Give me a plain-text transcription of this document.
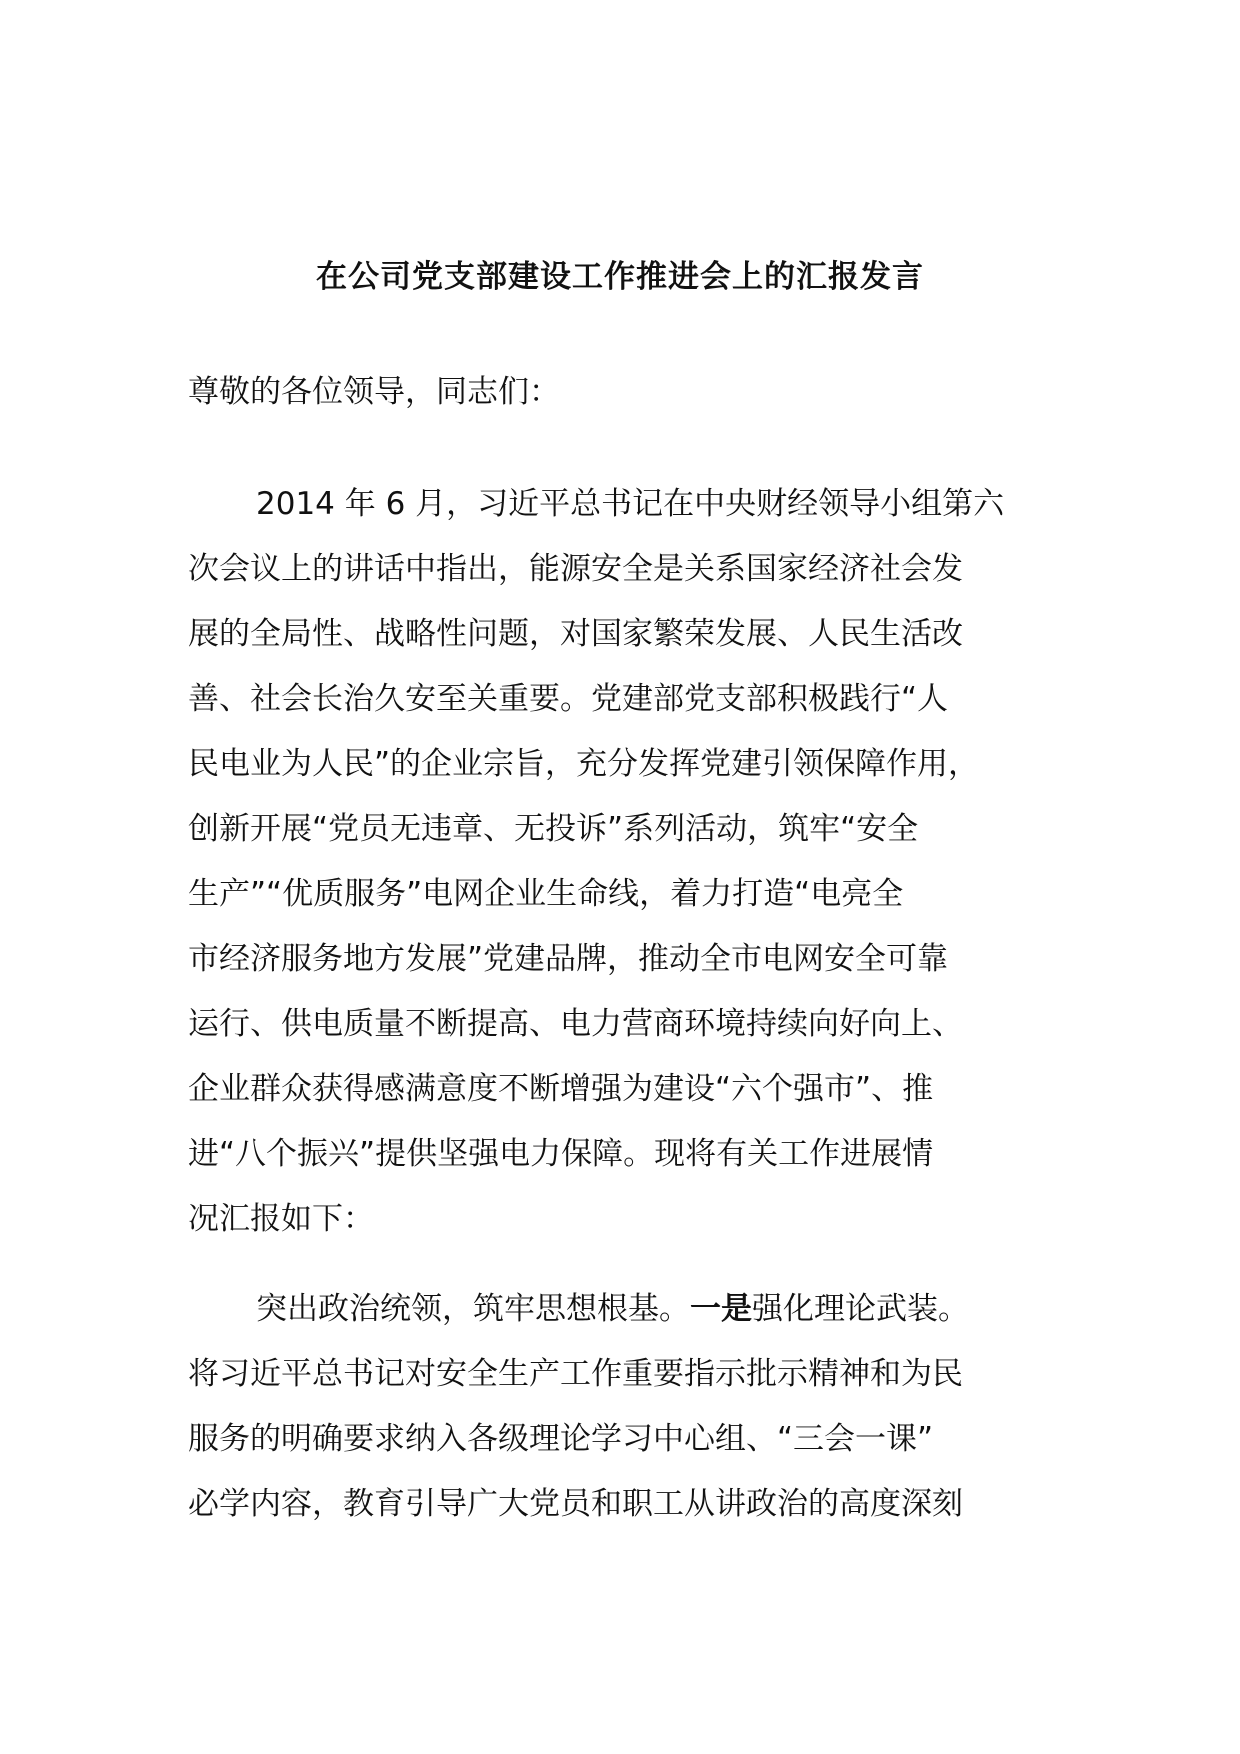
在公司党支部建设工作推进会上的汇报发言

尊敬的各位领导，同志们：

2014 年 6 月，习近平总书记在中央财经领导小组第六
次会议上的讲话中指出，能源安全是关系国家经济社会发
展的全局性、战略性问题，对国家繁荣发展、人民生活改
善、社会长治久安至关重要。党建部党支部积极践行“人
民电业为人民”的企业宗旨，充分发挥党建引领保障作用，
创新开展“党员无违章、无投诉”系列活动，筑牢“安全
生产”“优质服务”电网企业生命线，着力打造“电亮全
市经济服务地方发展”党建品牌，推动全市电网安全可靠
运行、供电质量不断提高、电力营商环境持续向好向上、
企业群众获得感满意度不断增强为建设“六个强市”、推
进“八个振兴”提供坚强电力保障。现将有关工作进展情
况汇报如下：
突出政治统领，筑牢思想根基。一是强化理论武装。
将习近平总书记对安全生产工作重要指示批示精神和为民
服务的明确要求纳入各级理论学习中心组、“三会一课”
必学内容，教育引导广大党员和职工从讲政治的高度深刻
